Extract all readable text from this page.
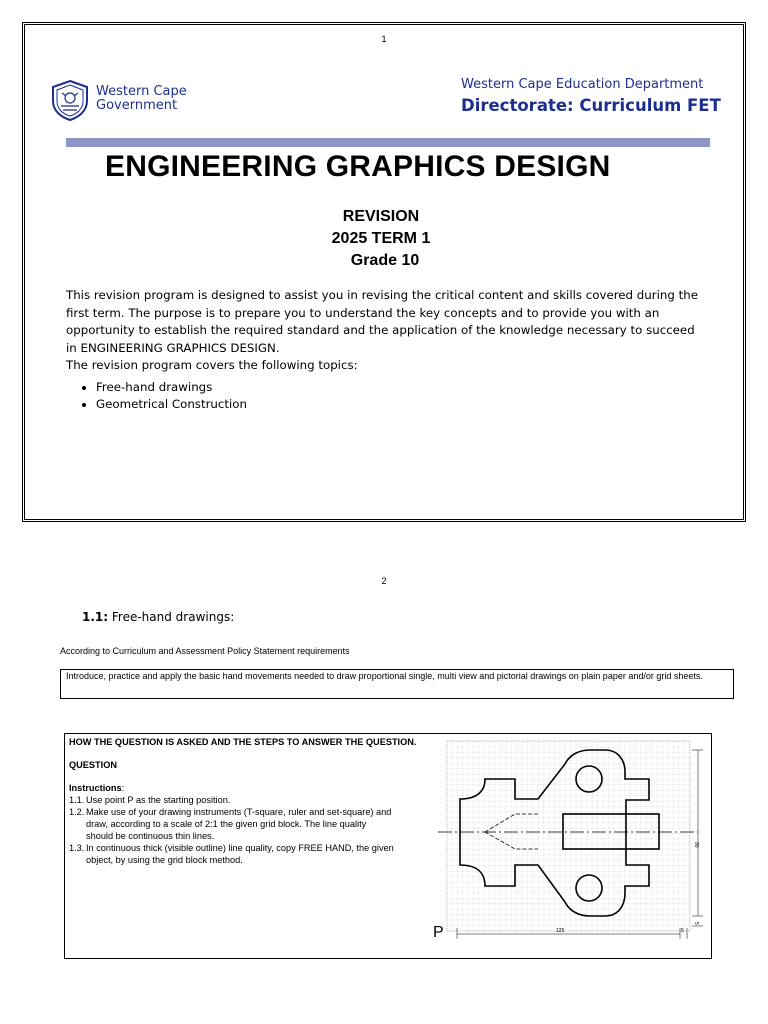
1
Western Cape
Government
Western Cape Education Department
Directorate: Curriculum FET
ENGINEERING GRAPHICS DESIGN
REVISION
2025 TERM 1
Grade 10

This revision program is designed to assist you in revising the critical content and skills covered during the first term. The purpose is to prepare you to understand the key concepts and to provide you with an opportunity to establish the required standard and the application of the knowledge necessary to succeed in ENGINEERING GRAPHICS DESIGN.

The revision program covers the following topics:

• Free-hand drawings
• Geometrical Construction
2
1.1: Free-hand drawings:
According to Curriculum and Assessment Policy Statement requirements
Introduce, practice and apply the basic hand movements needed to draw proportional single, multi view and pictorial drawings on plain paper and/or grid sheets.
HOW THE QUESTION IS ASKED AND THE STEPS TO ANSWER THE QUESTION.
QUESTION
Instructions:
1.1. Use point P as the starting position.
1.2. Make use of your drawing instruments (T-square, ruler and set-square) and draw, according to a scale of 2:1 the given grid block. The line quality should be continuous thin lines.
1.3. In continuous thick (visible outline) line quality, copy FREE HAND, the given object, by using the grid block method.
P	125	5
90
5
